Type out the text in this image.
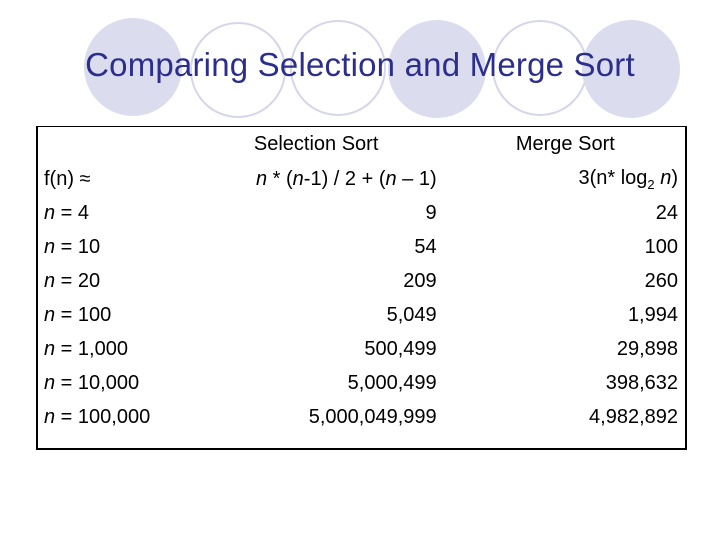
Comparing Selection and Merge Sort
	Selection Sort	Merge Sort
f(n) ≈	n * (n-1) / 2 + (n – 1)	3(n* $\log_2 n$)
n = 4	9	24
n = 10	54	100
n = 20	209	260
n = 100	5,049	1,994
n = 1,000	500,499	29,898
n = 10,000	5,000,499	398,632
n = 100,000	5,000,049,999	4,982,892
